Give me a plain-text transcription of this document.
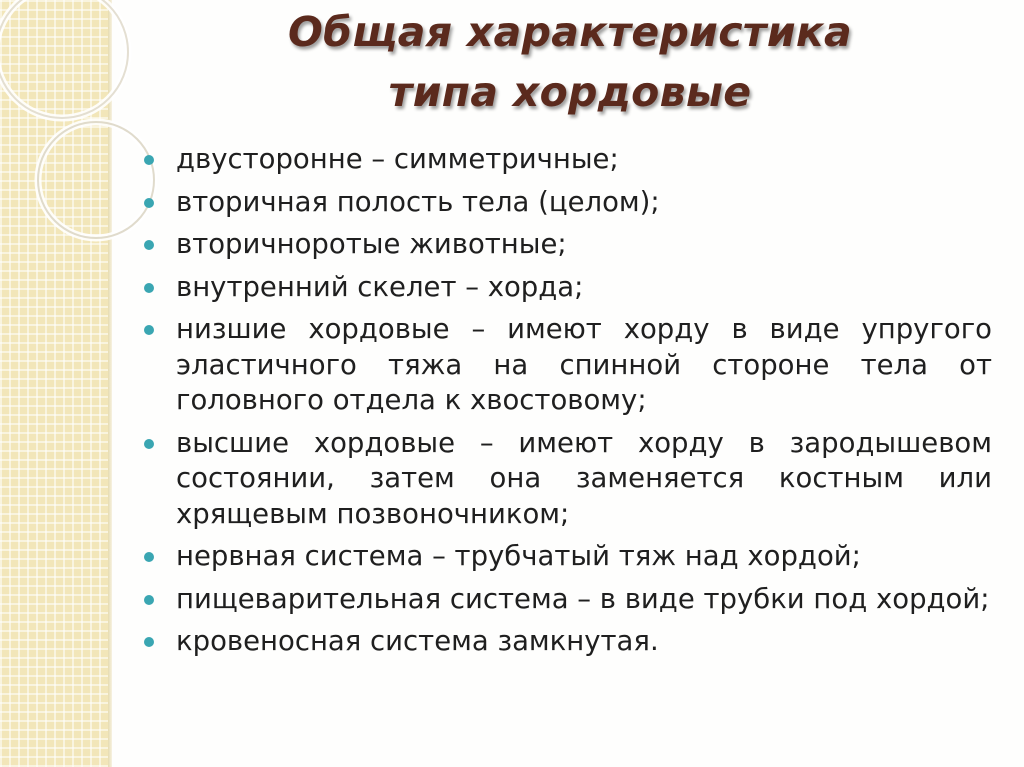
Общая характеристика
типа хордовые
двусторонне – симметричные;
вторичная полость тела (целом);
вторичноротые животные;
внутренний скелет – хорда;
низшие хордовые – имеют хорду в виде упругого эластичного тяжа на спинной стороне тела от головного отдела к хвостовому;
высшие хордовые – имеют хорду в зародышевом состоянии, затем она заменяется костным или хрящевым позвоночником;
нервная система – трубчатый тяж над хордой;
пищеварительная система – в виде трубки под хордой;
кровеносная система замкнутая.
